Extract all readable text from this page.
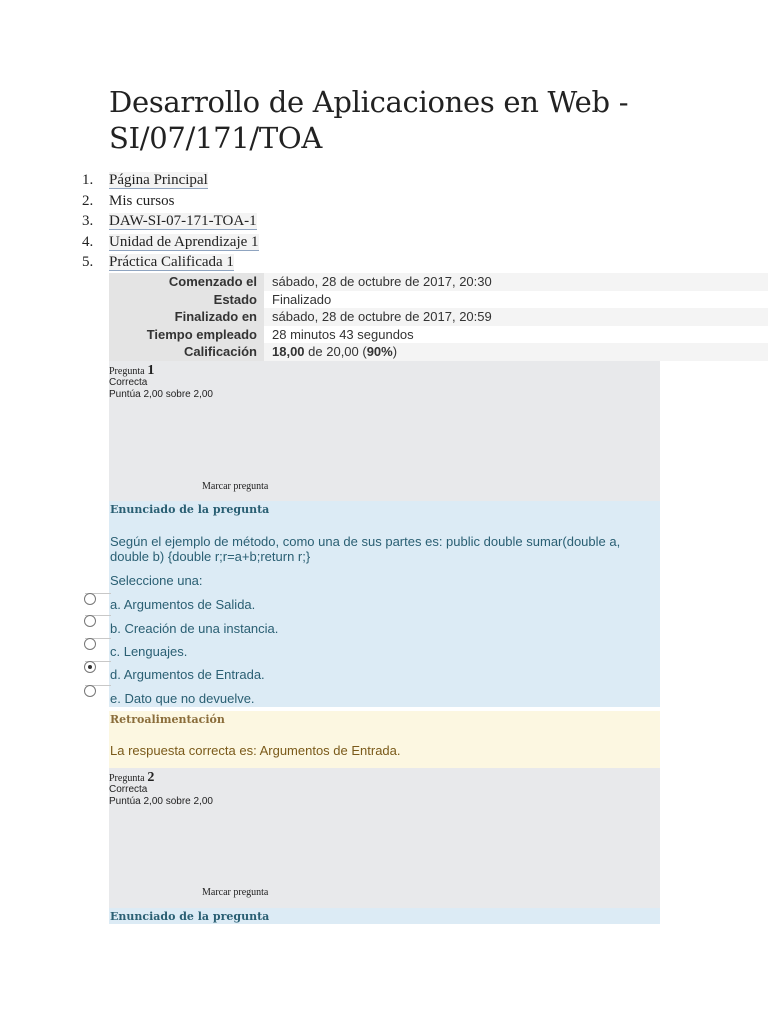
Desarrollo de Aplicaciones en Web - SI/07/171/TOA
1. Página Principal
2. Mis cursos
3. DAW-SI-07-171-TOA-1
4. Unidad de Aprendizaje 1
5. Práctica Calificada 1
Comenzado el	sábado, 28 de octubre de 2017, 20:30
Estado	Finalizado
Finalizado en	sábado, 28 de octubre de 2017, 20:59
Tiempo empleado	28 minutos 43 segundos
Calificación	18,00 de 20,00 (90%)
Pregunta 1
Correcta
Puntúa 2,00 sobre 2,00
Marcar pregunta
Enunciado de la pregunta
Según el ejemplo de método, como una de sus partes es: public double sumar(double a, double b) {double r;r=a+b;return r;}
Seleccione una:
a. Argumentos de Salida.
b. Creación de una instancia.
c. Lenguajes.
d. Argumentos de Entrada.
e. Dato que no devuelve.
Retroalimentación
La respuesta correcta es: Argumentos de Entrada.
Pregunta 2
Correcta
Puntúa 2,00 sobre 2,00
Marcar pregunta
Enunciado de la pregunta
